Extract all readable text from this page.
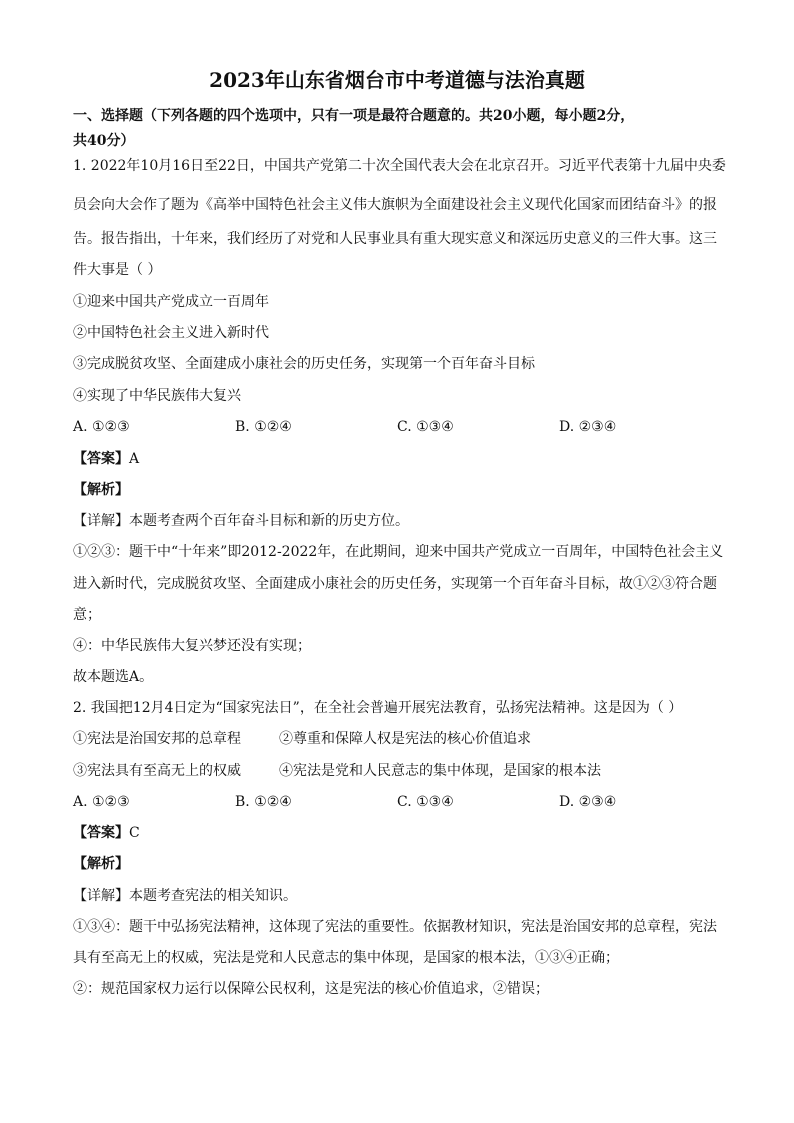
2023年山东省烟台市中考道德与法治真题
一、选择题（下列各题的四个选项中，只有一项是最符合题意的。共20小题，每小题2分，
共40分）
1. 2022年10月16日至22日，中国共产党第二十次全国代表大会在北京召开。习近平代表第十九届中央委
员会向大会作了题为《高举中国特色社会主义伟大旗帜为全面建设社会主义现代化国家而团结奋斗》的报
告。报告指出，十年来，我们经历了对党和人民事业具有重大现实意义和深远历史意义的三件大事。这三
件大事是（ ）
①迎来中国共产党成立一百周年
②中国特色社会主义进入新时代
③完成脱贫攻坚、全面建成小康社会的历史任务，实现第一个百年奋斗目标
④实现了中华民族伟大复兴
A. ①②③	B. ①②④	C. ①③④	D. ②③④
【答案】A
【解析】
【详解】本题考查两个百年奋斗目标和新的历史方位。
①②③：题干中“十年来”即2012-2022年，在此期间，迎来中国共产党成立一百周年，中国特色社会主义
进入新时代，完成脱贫攻坚、全面建成小康社会的历史任务，实现第一个百年奋斗目标，故①②③符合题
意；
④：中华民族伟大复兴梦还没有实现；
故本题选A。
2. 我国把12月4日定为“国家宪法日”，在全社会普遍开展宪法教育，弘扬宪法精神。这是因为（ ）
①宪法是治国安邦的总章程	②尊重和保障人权是宪法的核心价值追求
③宪法具有至高无上的权威	④宪法是党和人民意志的集中体现，是国家的根本法
A. ①②③	B. ①②④	C. ①③④	D. ②③④
【答案】C
【解析】
【详解】本题考查宪法的相关知识。
①③④：题干中弘扬宪法精神，这体现了宪法的重要性。依据教材知识，宪法是治国安邦的总章程，宪法
具有至高无上的权威，宪法是党和人民意志的集中体现，是国家的根本法，①③④正确；
②：规范国家权力运行以保障公民权利，这是宪法的核心价值追求，②错误；
